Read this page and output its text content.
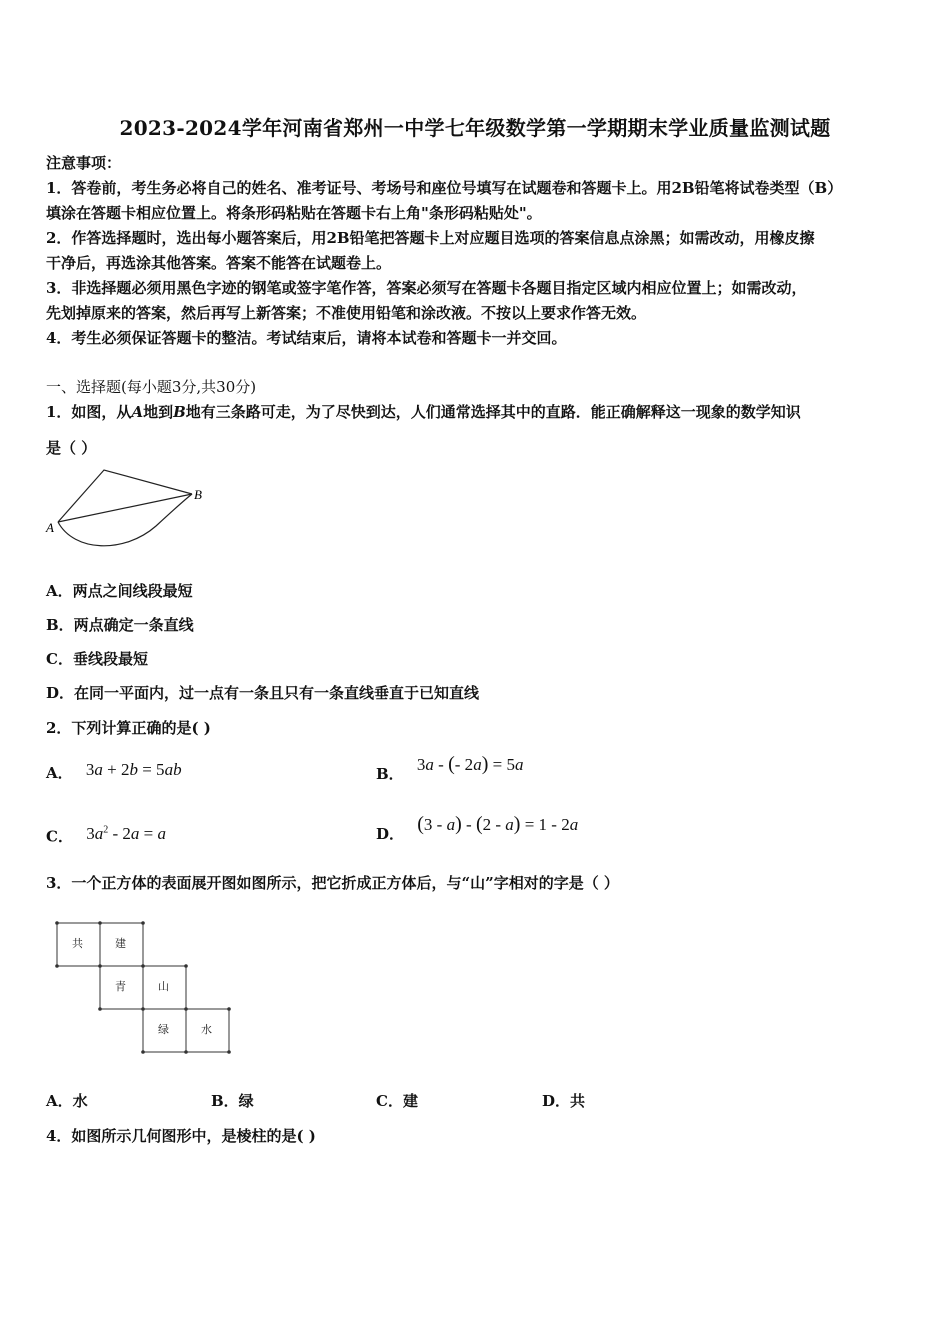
2023-2024学年河南省郑州一中学七年级数学第一学期期末学业质量监测试题
注意事项：
1．答卷前，考生务必将自己的姓名、准考证号、考场号和座位号填写在试题卷和答题卡上。用2B铅笔将试卷类型（B）
填涂在答题卡相应位置上。将条形码粘贴在答题卡右上角"条形码粘贴处"。
2．作答选择题时，选出每小题答案后，用2B铅笔把答题卡上对应题目选项的答案信息点涂黑；如需改动，用橡皮擦
干净后，再选涂其他答案。答案不能答在试题卷上。
3．非选择题必须用黑色字迹的钢笔或签字笔作答，答案必须写在答题卡各题目指定区域内相应位置上；如需改动，
先划掉原来的答案，然后再写上新答案；不准使用铅笔和涂改液。不按以上要求作答无效。
4．考生必须保证答题卡的整洁。考试结束后，请将本试卷和答题卡一并交回。
一、选择题(每小题3分,共30分)
1．如图，从A地到B地有三条路可走，为了尽快到达，人们通常选择其中的直路．能正确解释这一现象的数学知识
是（ ）
A
B
A．两点之间线段最短
B．两点确定一条直线
C．垂线段最短
D．在同一平面内，过一点有一条且只有一条直线垂直于已知直线
2．下列计算正确的是( )
A． 3a + 2b = 5ab	B． 3a - (- 2a) = 5a
C． $3a^2 - 2a = a$	D． (3 - a) - (2 - a) = 1 - 2a
3．一个正方体的表面展开图如图所示，把它折成正方体后，与“山”字相对的字是（ ）
共	建
青	山
绿	水
A．水	B．绿	C．建	D．共
4．如图所示几何图形中，是棱柱的是( )
